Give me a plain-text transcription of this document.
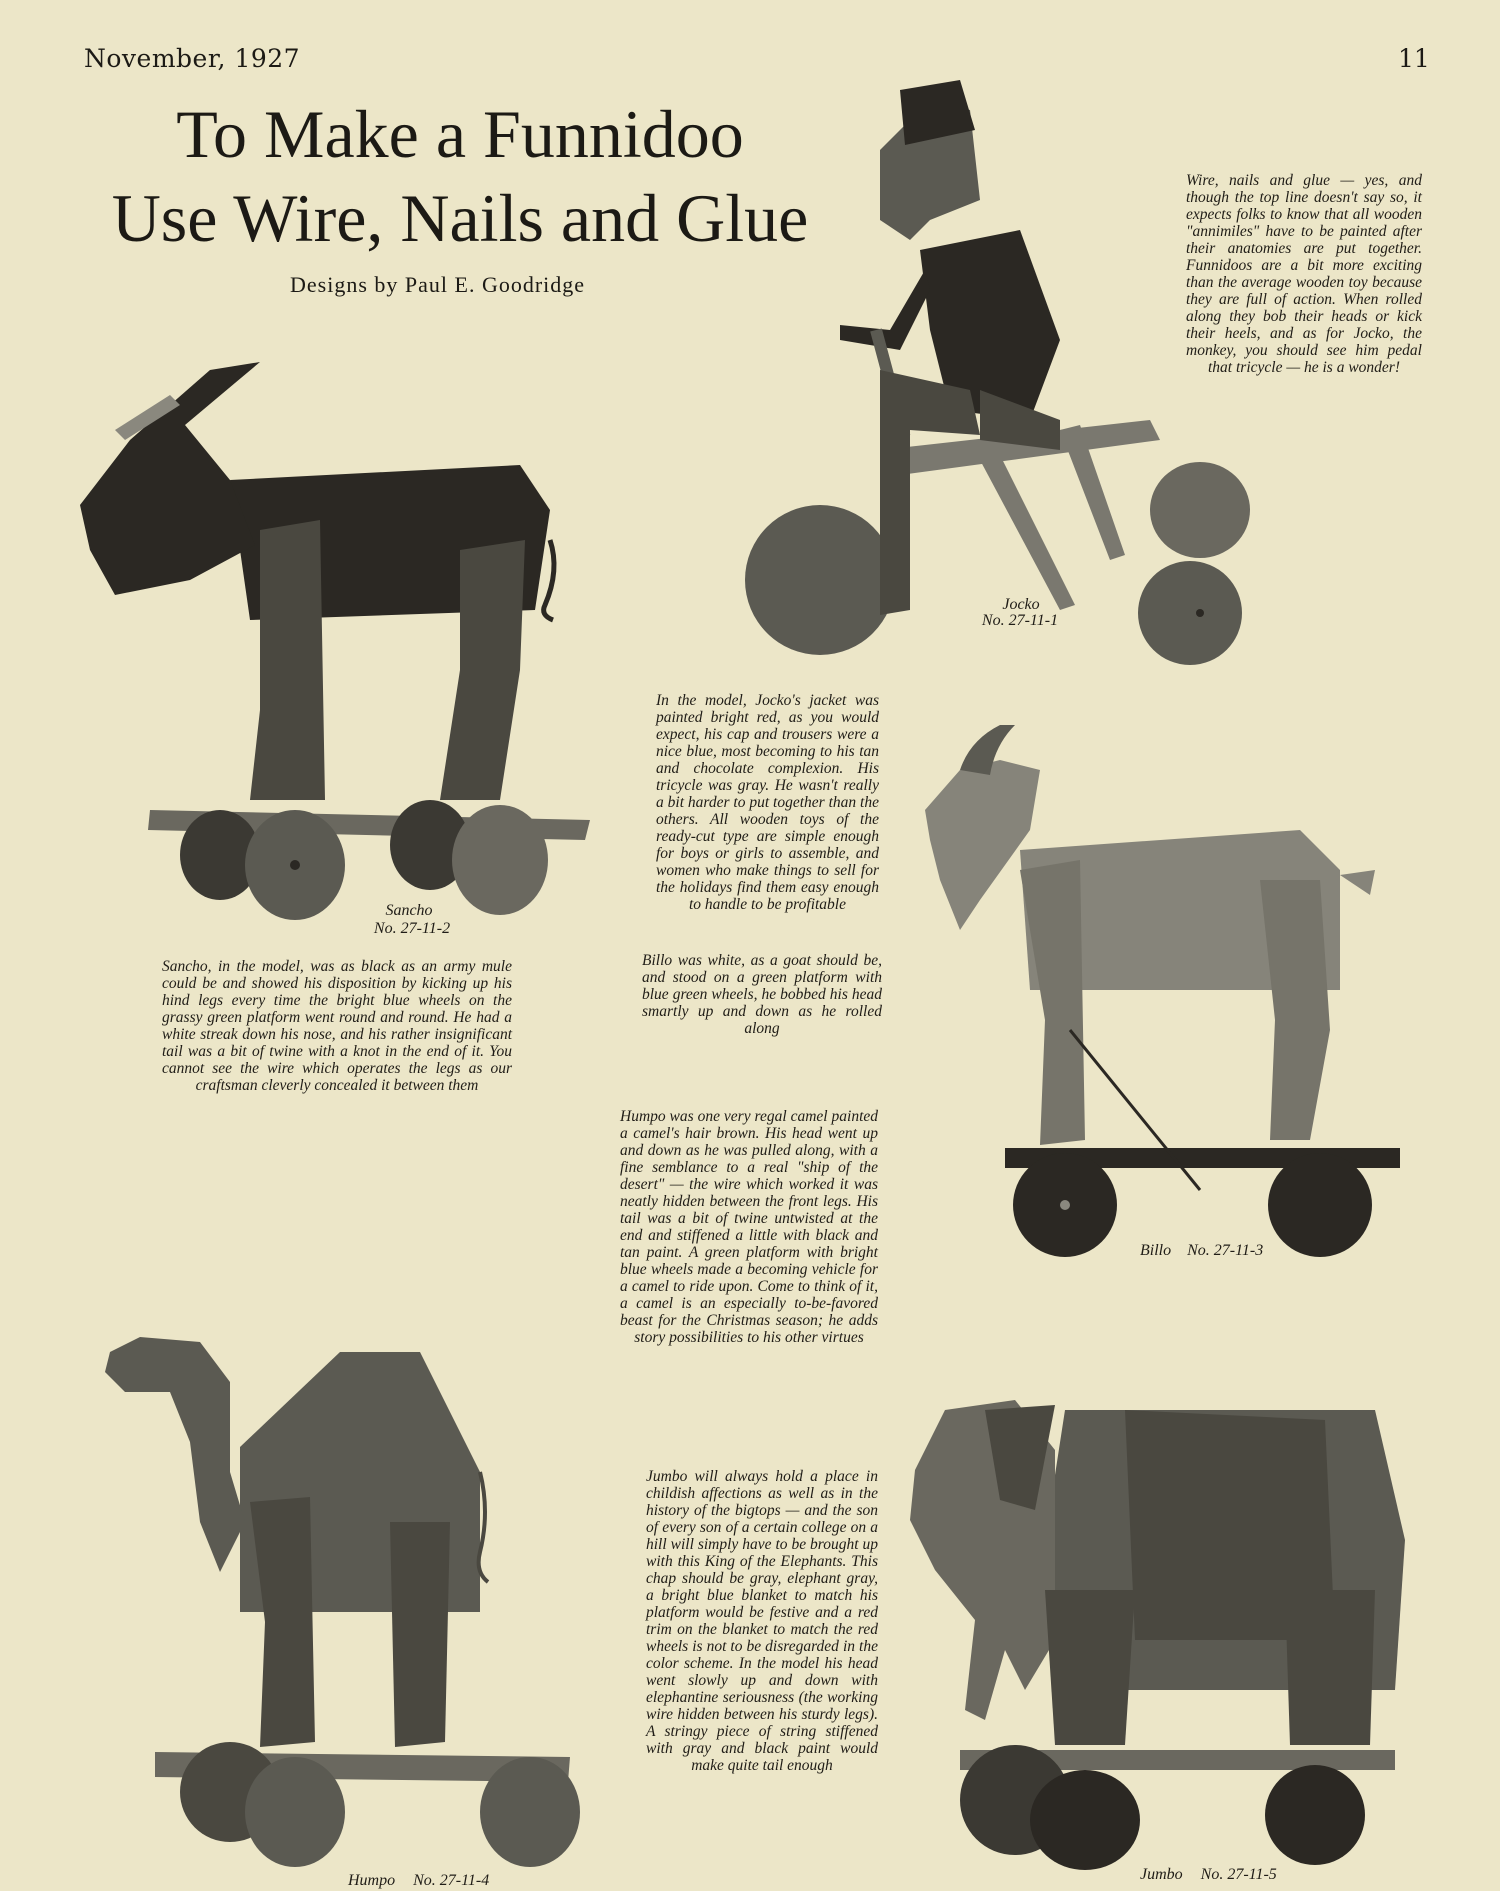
November, 1927	11
To Make a Funnidoo
Use Wire, Nails and Glue
Designs by Paul E. Goodridge
Wire, nails and glue — yes, and though the top line doesn't say so, it expects folks to know that all wooden "annimiles" have to be painted after their anatomies are put together. Funnidoos are a bit more exciting than the average wooden toy because they are full of action. When rolled along they bob their heads or kick their heels, and as for Jocko, the monkey, you should see him pedal that tricycle — he is a wonder!
Jocko
No. 27-11-1
In the model, Jocko's jacket was painted bright red, as you would expect, his cap and trousers were a nice blue, most becoming to his tan and chocolate complexion. His tricycle was gray. He wasn't really a bit harder to put together than the others. All wooden toys of the ready-cut type are simple enough for boys or girls to assemble, and women who make things to sell for the holidays find them easy enough to handle to be profitable
Sancho
No. 27-11-2
Sancho, in the model, was as black as an army mule could be and showed his disposition by kicking up his hind legs every time the bright blue wheels on the grassy green platform went round and round. He had a white streak down his nose, and his rather insignificant tail was a bit of twine with a knot in the end of it. You cannot see the wire which operates the legs as our craftsman cleverly concealed it between them
Billo was white, as a goat should be, and stood on a green platform with blue green wheels, he bobbed his head smartly up and down as he rolled along
Billo No. 27-11-3
Humpo was one very regal camel painted a camel's hair brown. His head went up and down as he was pulled along, with a fine semblance to a real "ship of the desert" — the wire which worked it was neatly hidden between the front legs. His tail was a bit of twine untwisted at the end and stiffened a little with black and tan paint. A green platform with bright blue wheels made a becoming vehicle for a camel to ride upon. Come to think of it, a camel is an especially to-be-favored beast for the Christmas season; he adds story possibilities to his other virtues
Humpo No. 27-11-4
Jumbo will always hold a place in childish affections as well as in the history of the bigtops — and the son of every son of a certain college on a hill will simply have to be brought up with this King of the Elephants. This chap should be gray, elephant gray, a bright blue blanket to match his platform would be festive and a red trim on the blanket to match the red wheels is not to be disregarded in the color scheme. In the model his head went slowly up and down with elephantine seriousness (the working wire hidden between his sturdy legs). A stringy piece of string stiffened with gray and black paint would make quite tail enough
Jumbo No. 27-11-5
